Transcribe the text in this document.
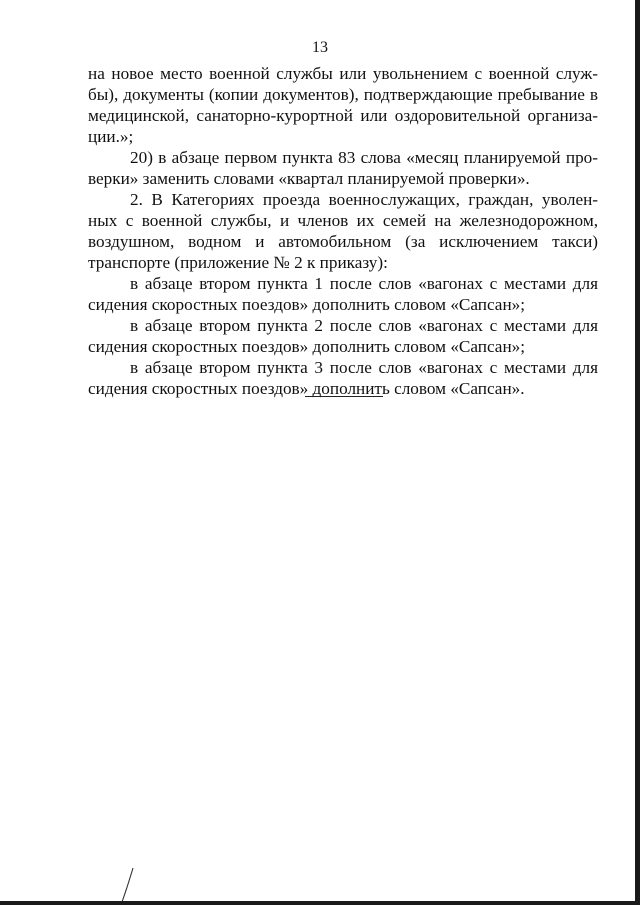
13
на новое место военной службы или увольнением с военной служ-
бы), документы (копии документов), подтверждающие пребывание в
медицинской, санаторно-курортной или оздоровительной организа-
ции.»;
20) в абзаце первом пункта 83 слова «месяц планируемой про-
верки» заменить словами «квартал планируемой проверки».
2. В Категориях проезда военнослужащих, граждан, уволен-
ных с военной службы, и членов их семей на железнодорожном,
воздушном, водном и автомобильном (за исключением такси)
транспорте (приложение № 2 к приказу):
в абзаце втором пункта 1 после слов «вагонах с местами для
сидения скоростных поездов» дополнить словом «Сапсан»;
в абзаце втором пункта 2 после слов «вагонах с местами для
сидения скоростных поездов» дополнить словом «Сапсан»;
в абзаце втором пункта 3 после слов «вагонах с местами для
сидения скоростных поездов» дополнить словом «Сапсан».
